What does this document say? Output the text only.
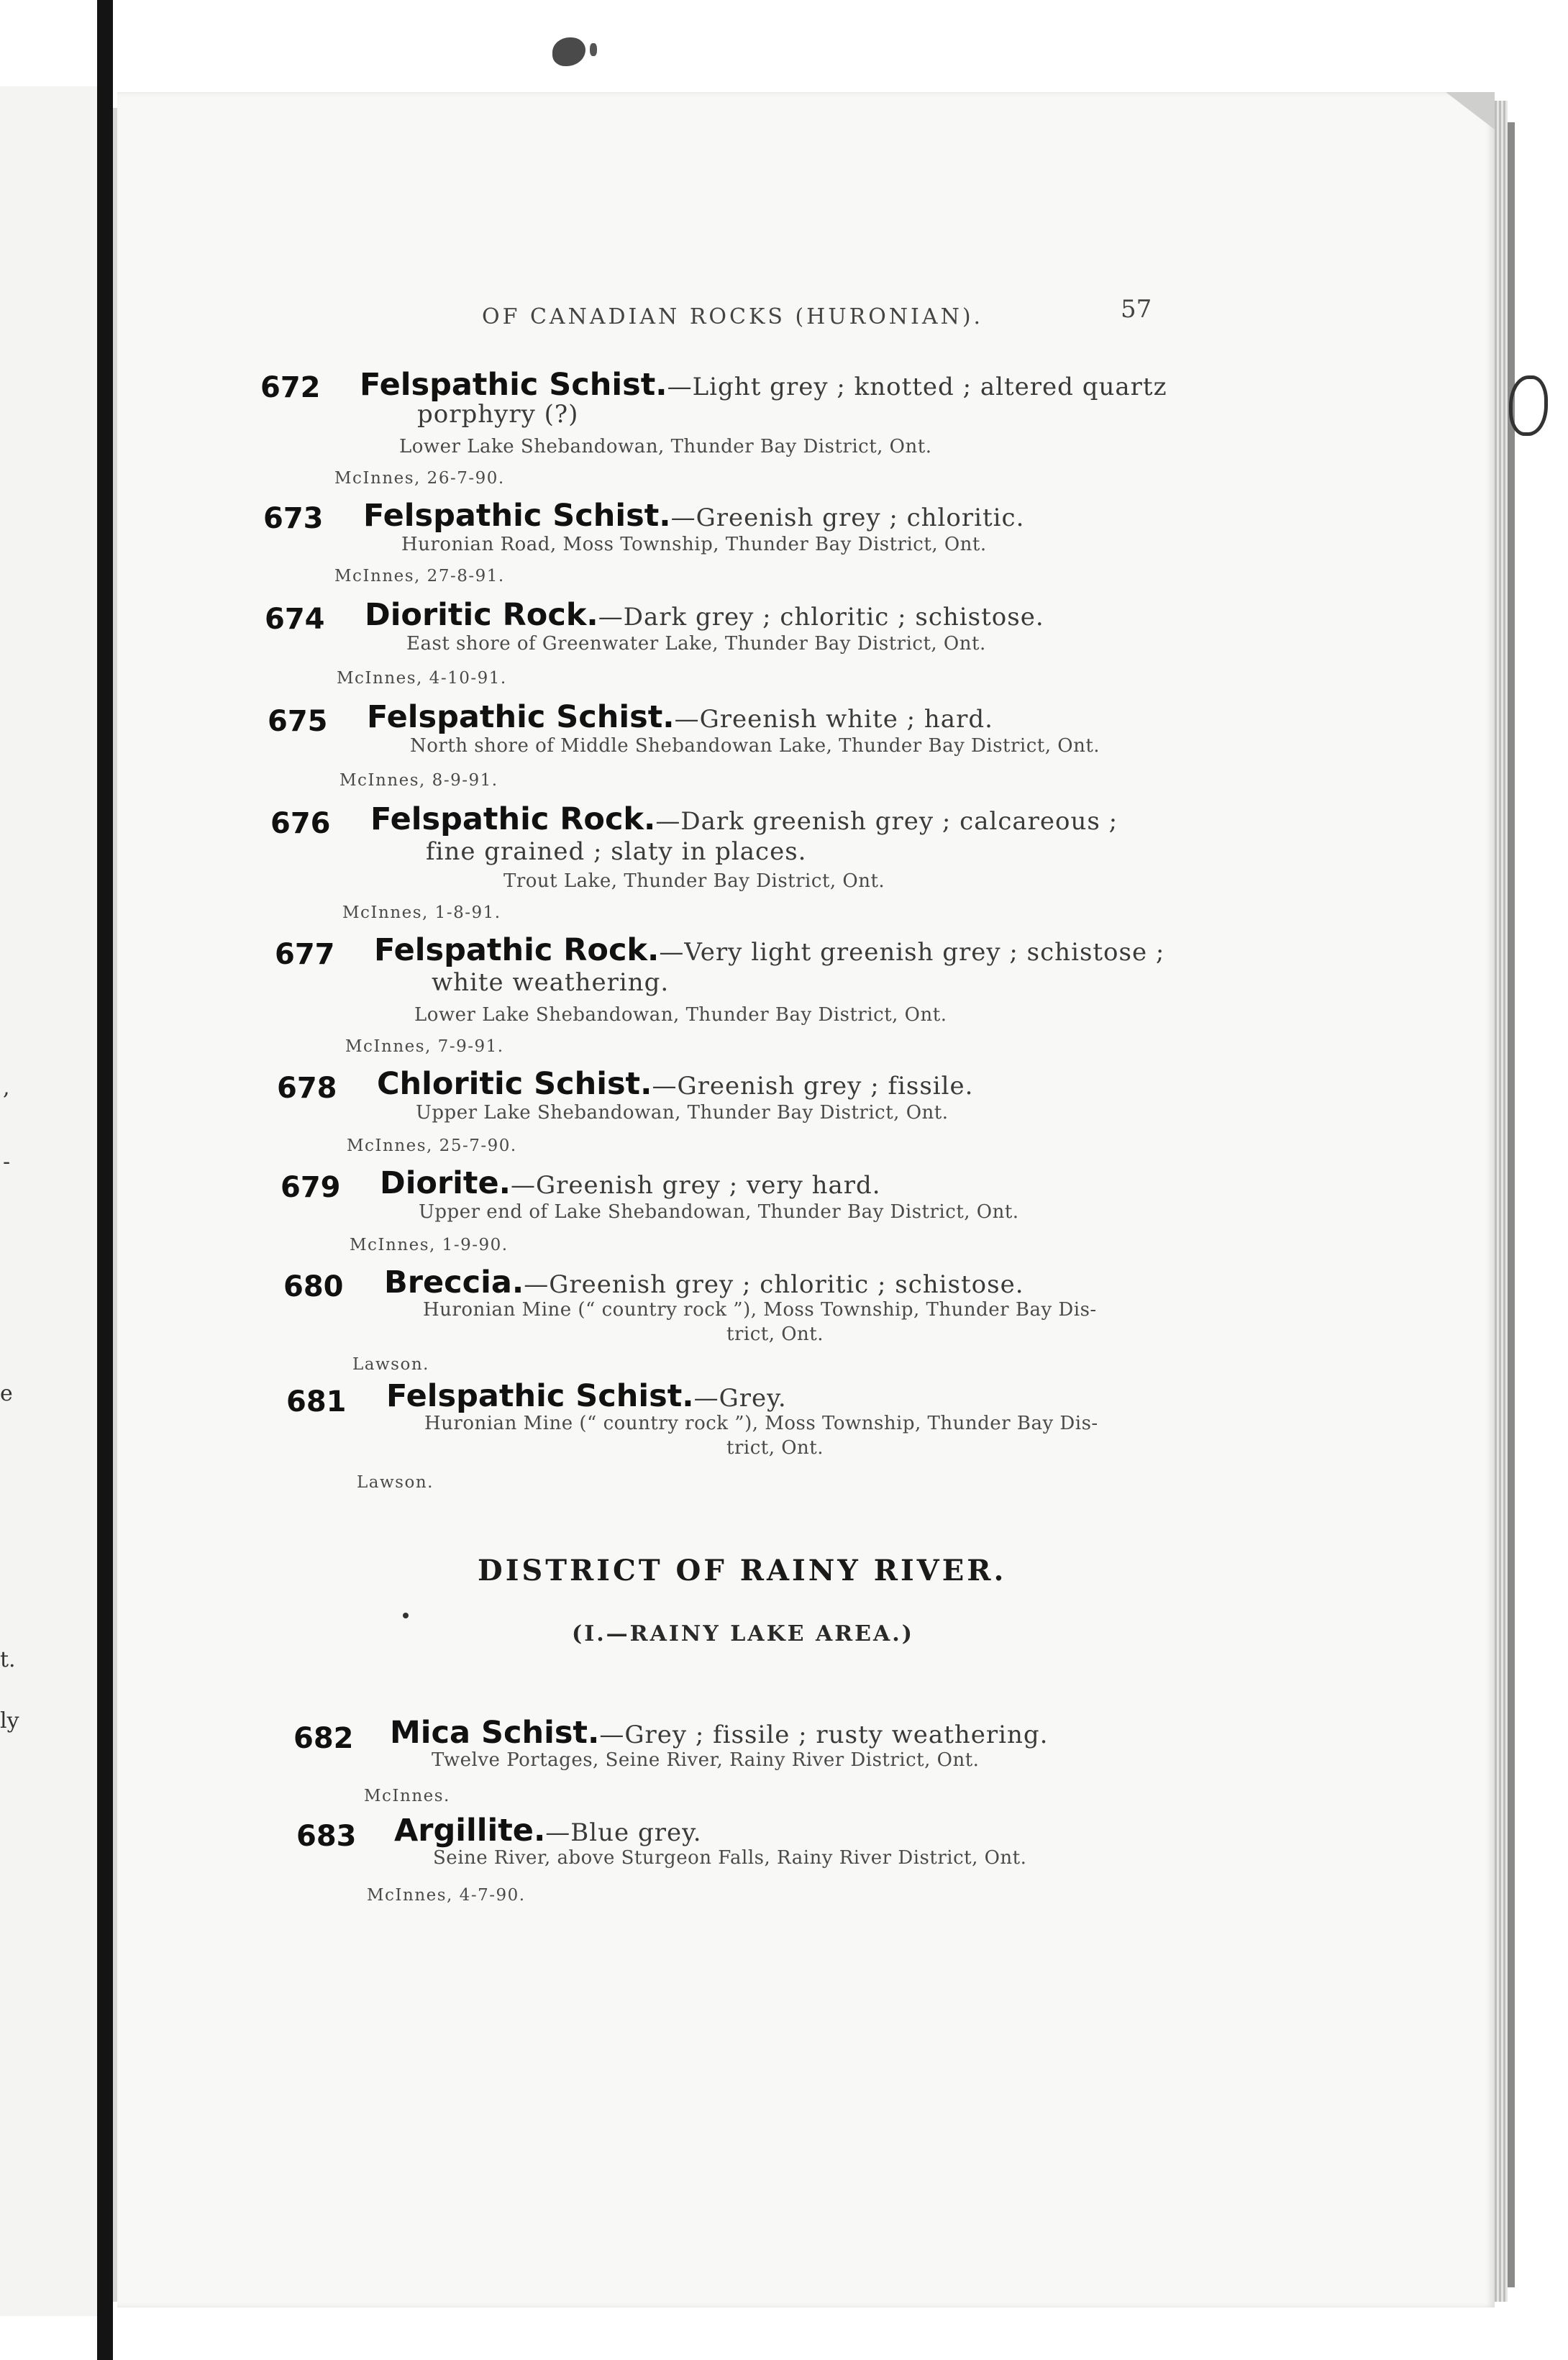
,
-
e
t.
ly
OF CANADIAN ROCKS (HURONIAN).	57
672 Felspathic Schist.—Light grey ; knotted ; altered quartz
porphyry (?)
Lower Lake Shebandowan, Thunder Bay District, Ont.
McInnes, 26-7-90.
673 Felspathic Schist.—Greenish grey ; chloritic.
Huronian Road, Moss Township, Thunder Bay District, Ont.
McInnes, 27-8-91.
674 Dioritic Rock.—Dark grey ; chloritic ; schistose.
East shore of Greenwater Lake, Thunder Bay District, Ont.
McInnes, 4-10-91.
675 Felspathic Schist.—Greenish white ; hard.
North shore of Middle Shebandowan Lake, Thunder Bay District, Ont.
McInnes, 8-9-91.
676 Felspathic Rock.—Dark greenish grey ; calcareous ;
fine grained ; slaty in places.
Trout Lake, Thunder Bay District, Ont.
McInnes, 1-8-91.
677 Felspathic Rock.—Very light greenish grey ; schistose ;
white weathering.
Lower Lake Shebandowan, Thunder Bay District, Ont.
McInnes, 7-9-91.
678 Chloritic Schist.—Greenish grey ; fissile.
Upper Lake Shebandowan, Thunder Bay District, Ont.
McInnes, 25-7-90.
679 Diorite.—Greenish grey ; very hard.
Upper end of Lake Shebandowan, Thunder Bay District, Ont.
McInnes, 1-9-90.
680 Breccia.—Greenish grey ; chloritic ; schistose.
Huronian Mine (“ country rock ”), Moss Township, Thunder Bay Dis-
trict, Ont.
Lawson.
681 Felspathic Schist.—Grey.
Huronian Mine (“ country rock ”), Moss Township, Thunder Bay Dis-
trict, Ont.
Lawson.
DISTRICT OF RAINY RIVER.
(I.—RAINY LAKE AREA.)
682 Mica Schist.—Grey ; fissile ; rusty weathering.
Twelve Portages, Seine River, Rainy River District, Ont.
McInnes.
683 Argillite.—Blue grey.
Seine River, above Sturgeon Falls, Rainy River District, Ont.
McInnes, 4-7-90.
